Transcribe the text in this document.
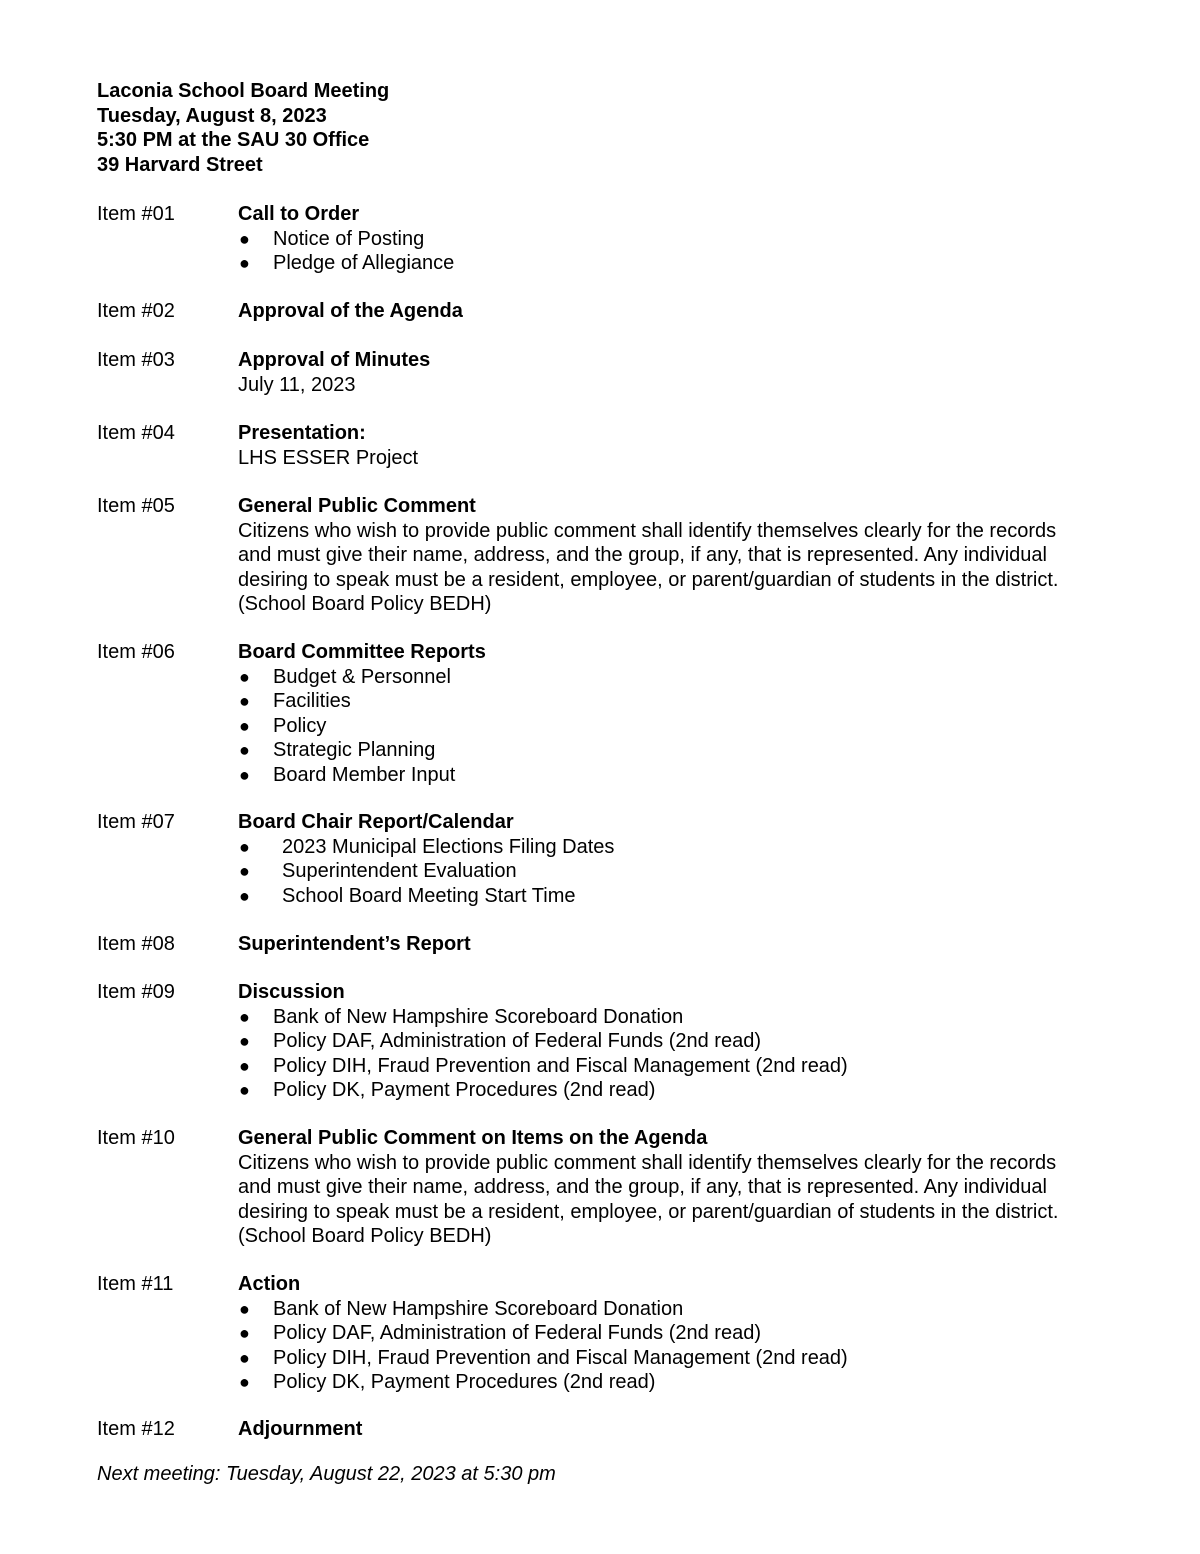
Laconia School Board Meeting
Tuesday, August 8, 2023
5:30 PM at the SAU 30 Office
39 Harvard Street
Item #01	Call to Order
● Notice of Posting
● Pledge of Allegiance
Item #02	Approval of the Agenda
Item #03	Approval of Minutes
July 11, 2023
Item #04	Presentation:
LHS ESSER Project
Item #05	General Public Comment
Citizens who wish to provide public comment shall identify themselves clearly for the records
and must give their name, address, and the group, if any, that is represented. Any individual
desiring to speak must be a resident, employee, or parent/guardian of students in the district.
(School Board Policy BEDH)
Item #06	Board Committee Reports
● Budget & Personnel
● Facilities
● Policy
● Strategic Planning
● Board Member Input
Item #07	Board Chair Report/Calendar
● 2023 Municipal Elections Filing Dates
● Superintendent Evaluation
● School Board Meeting Start Time
Item #08	Superintendent’s Report
Item #09	Discussion
● Bank of New Hampshire Scoreboard Donation
● Policy DAF, Administration of Federal Funds (2nd read)
● Policy DIH, Fraud Prevention and Fiscal Management (2nd read)
● Policy DK, Payment Procedures (2nd read)
Item #10	General Public Comment on Items on the Agenda
Citizens who wish to provide public comment shall identify themselves clearly for the records
and must give their name, address, and the group, if any, that is represented. Any individual
desiring to speak must be a resident, employee, or parent/guardian of students in the district.
(School Board Policy BEDH)
Item #11	Action
● Bank of New Hampshire Scoreboard Donation
● Policy DAF, Administration of Federal Funds (2nd read)
● Policy DIH, Fraud Prevention and Fiscal Management (2nd read)
● Policy DK, Payment Procedures (2nd read)
Item #12	Adjournment
Next meeting: Tuesday, August 22, 2023 at 5:30 pm
